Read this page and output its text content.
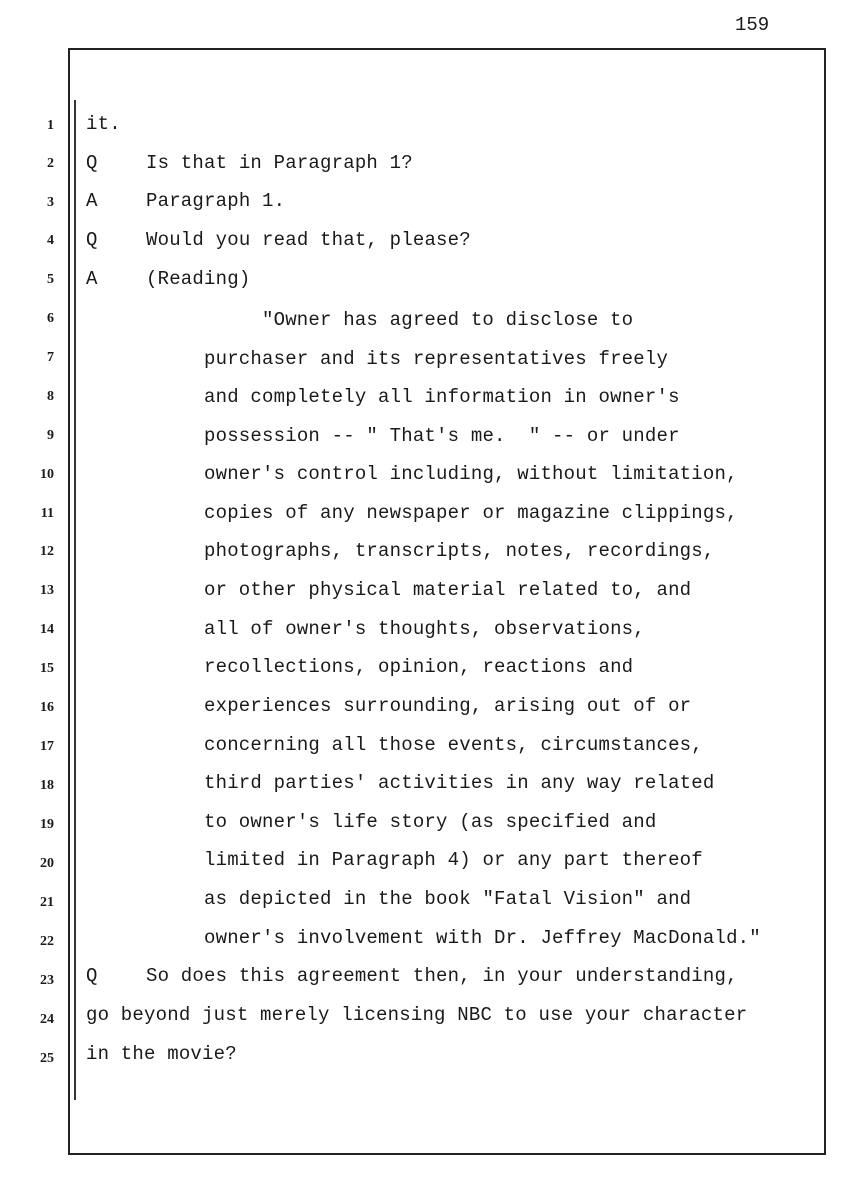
159
1 it.
2 Q	Is that in Paragraph 1?
3 A	Paragraph 1.
4 Q	Would you read that, please?
5 A	(Reading)
6	"Owner has agreed to disclose to
7	purchaser and its representatives freely
8	and completely all information in owner's
9	possession -- " That's me.  " -- or under
10	owner's control including, without limitation,
11	copies of any newspaper or magazine clippings,
12	photographs, transcripts, notes, recordings,
13	or other physical material related to, and
14	all of owner's thoughts, observations,
15	recollections, opinion, reactions and
16	experiences surrounding, arising out of or
17	concerning all those events, circumstances,
18	third parties' activities in any way related
19	to owner's life story (as specified and
20	limited in Paragraph 4) or any part thereof
21	as depicted in the book "Fatal Vision" and
22	owner's involvement with Dr. Jeffrey MacDonald."
23 Q	So does this agreement then, in your understanding,
24 go beyond just merely licensing NBC to use your character
25 in the movie?
